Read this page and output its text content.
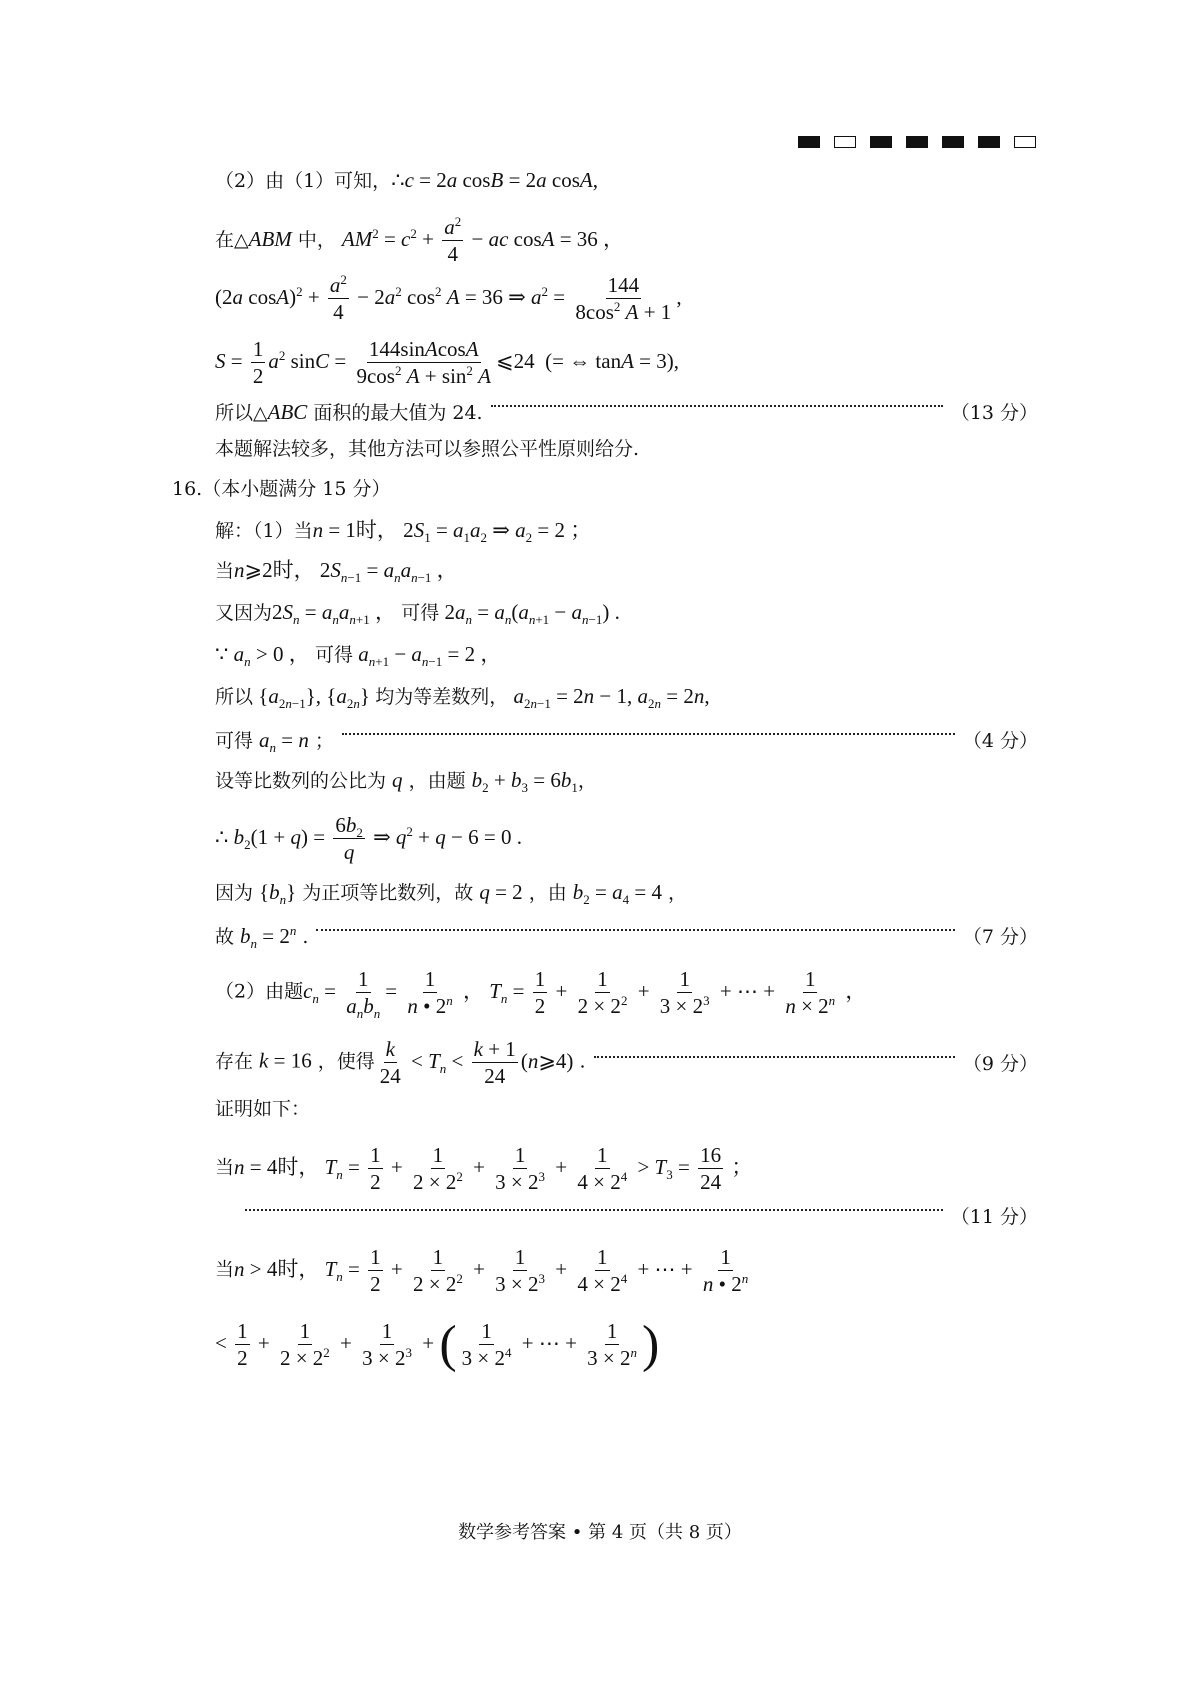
（2）由（1）可知，∴c = 2a cosB = 2a cosA,
在△ABM 中， $AM^2 = c^2 + \frac{a^2}{4}$ − ac cosA = 36 ，
(2a $\cos A)^2 + \frac{a^2}{4} - 2a^2$ $\cos^2 A = 36$ ⇒ $a^2 = \frac{144}{8\cos^2 A + 1}$ ,
$S = \frac{1}{2} a^2$ $\sin C = \frac{\text{144sinAcosA}}{9\cos^2 A + \sin^2 A}$ ⩽24  (= ⇔ tanA = 3),
所以△ABC 面积的最大值为 24.	（13 分）
本题解法较多，其他方法可以参照公平性原则给分.
16.（本小题满分 15 分）
解：（1）当n = 1时， $2S_1 = a_1a_2$ ⇒ $a_2 = 2$ ；
当n⩾2时， $2S_{n-1} = a_na_{n-1}$ ，
又因为$2S_n = a_na_{n+1}$ ， 可得 $2a_n = a_n(a_{n+1} - a_{n-1})$ .
∵ $a_n > 0$ ， 可得 $a_{n+1} - a_{n-1} = 2$ ，
所以 $\{a_{2n-1}\}$, $\{a_{2n}\}$ 均为等差数列， $a_{2n-1} = 2n - 1$, $a_{2n} = 2n$,
可得 $a_n = n$ ；	（4 分）
设等比数列的公比为 q ，由题 $b_2 + b_3 = 6b_1$，
∴ $b_2(1 + q) = \frac{6b_2}{q}$ ⇒ $q^2 + q - 6 = 0$ .
因为 $\{b_n\}$ 为正项等比数列，故 q = 2 ，由 $b_2 = a_4 = 4$ ，
故 $b_n = 2^n$ .	（7 分）
（2）由题$c_n = \frac{1}{a_nb_n} = \frac{1}{n • 2^n}$ ， $T_n = \frac{1}{2} + \frac{1}{2 \times 2^2} + \frac{1}{3 \times 2^3}$ + ⋯ + $\frac{1}{n \times 2^n}$ ，
存在 k = 16 ，使得 $\frac{k}{24} < T_n < \frac{k + 1}{24}$ (n⩾4) .	（9 分）
证明如下：
当n = 4时， $T_n = \frac{1}{2} + \frac{1}{2 \times 2^2} + \frac{1}{3 \times 2^3} + \frac{1}{4 \times 2^4} > T_3 = \frac{16}{24}$ ；
（11 分）
当n > 4时， $T_n = \frac{1}{2} + \frac{1}{2 \times 2^2} + \frac{1}{3 \times 2^3} + \frac{1}{4 \times 2^4}$ + ⋯ + $\frac{1}{n • 2^n}$
< $\frac{1}{2} + \frac{1}{2 \times 2^2} + \frac{1}{3 \times 2^3}$ + ( $\frac{1}{3 \times 2^4}$ + ⋯ + $\frac{1}{3 \times 2^n}$ )
数学参考答案 • 第 4 页（共 8 页）
